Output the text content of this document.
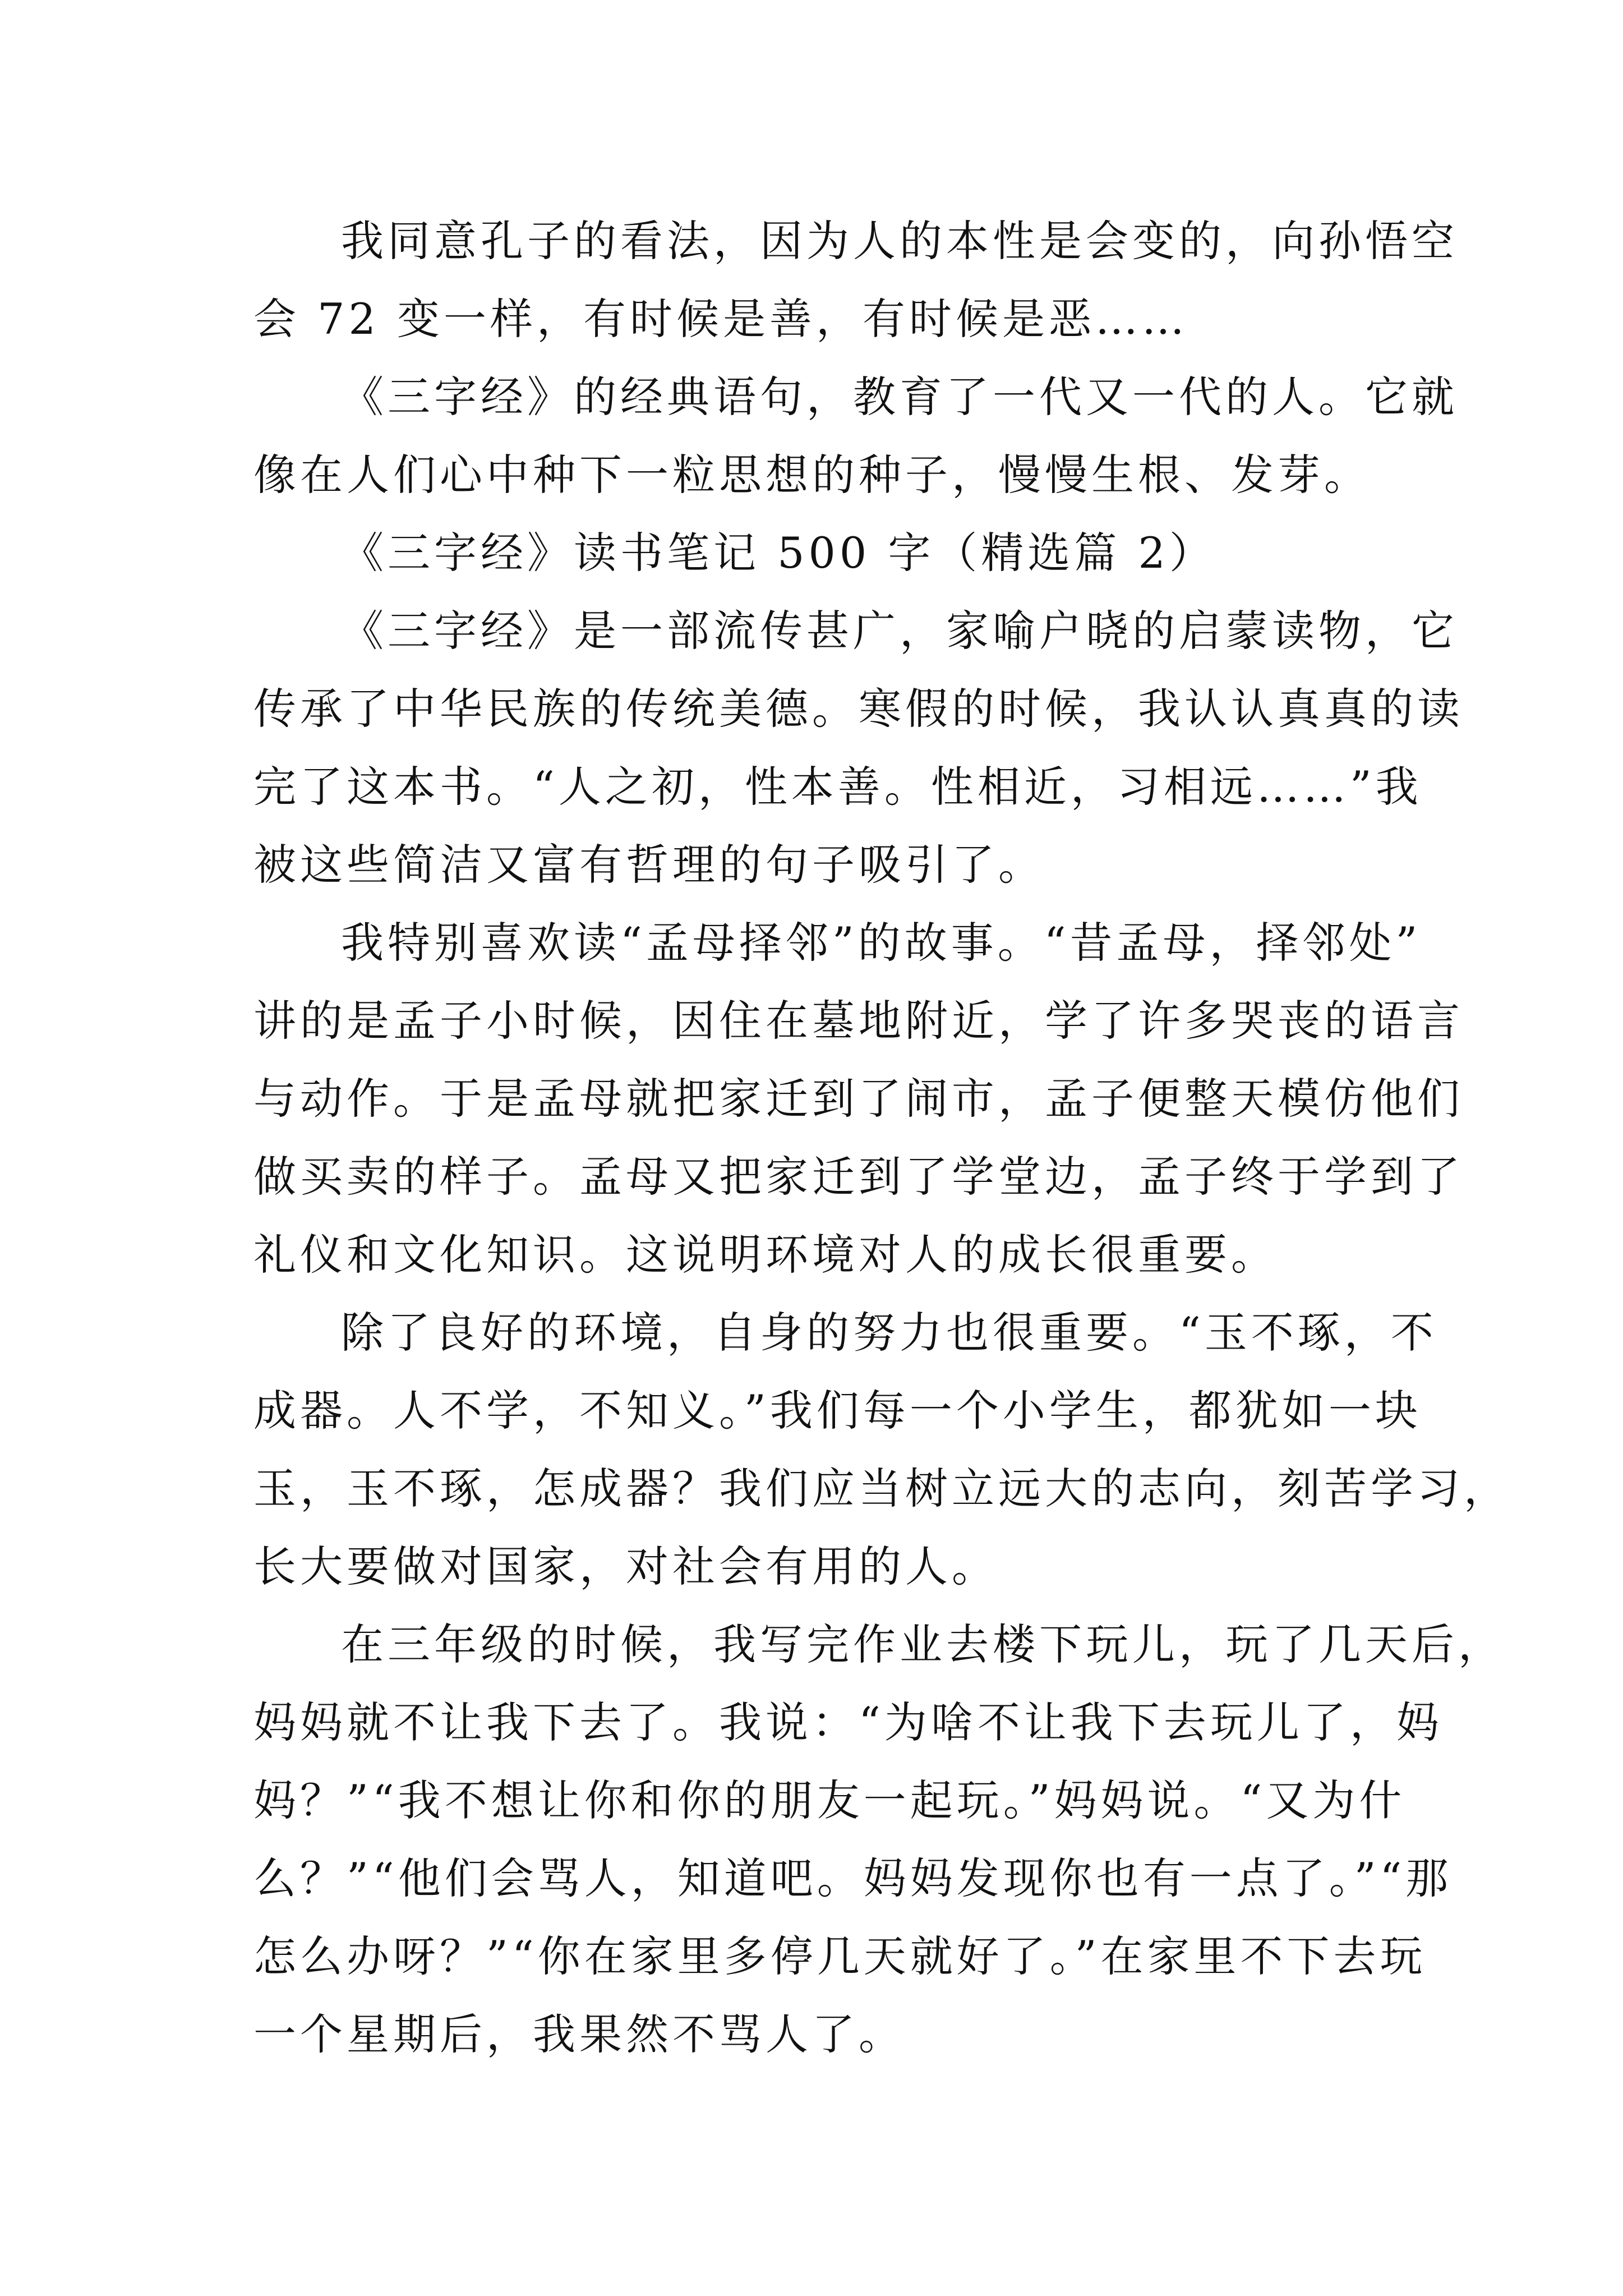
我同意孔子的看法，因为人的本性是会变的，向孙悟空
会 72 变一样，有时候是善，有时候是恶……
《三字经》的经典语句，教育了一代又一代的人。它就
像在人们心中种下一粒思想的种子，慢慢生根、发芽。
《三字经》读书笔记 500 字（精选篇 2）
《三字经》是一部流传甚广，家喻户晓的启蒙读物，它
传承了中华民族的传统美德。寒假的时候，我认认真真的读
完了这本书。“人之初，性本善。性相近，习相远……”我
被这些简洁又富有哲理的句子吸引了。
我特别喜欢读“孟母择邻”的故事。“昔孟母，择邻处”
讲的是孟子小时候，因住在墓地附近，学了许多哭丧的语言
与动作。于是孟母就把家迁到了闹市，孟子便整天模仿他们
做买卖的样子。孟母又把家迁到了学堂边，孟子终于学到了
礼仪和文化知识。这说明环境对人的成长很重要。
除了良好的环境，自身的努力也很重要。“玉不琢，不
成器。人不学，不知义。”我们每一个小学生，都犹如一块
玉，玉不琢，怎成器？我们应当树立远大的志向，刻苦学习，
长大要做对国家，对社会有用的人。
在三年级的时候，我写完作业去楼下玩儿，玩了几天后，
妈妈就不让我下去了。我说：“为啥不让我下去玩儿了，妈
妈？”“我不想让你和你的朋友一起玩。”妈妈说。“又为什
么？”“他们会骂人，知道吧。妈妈发现你也有一点了。”“那
怎么办呀？”“你在家里多停几天就好了。”在家里不下去玩
一个星期后，我果然不骂人了。
